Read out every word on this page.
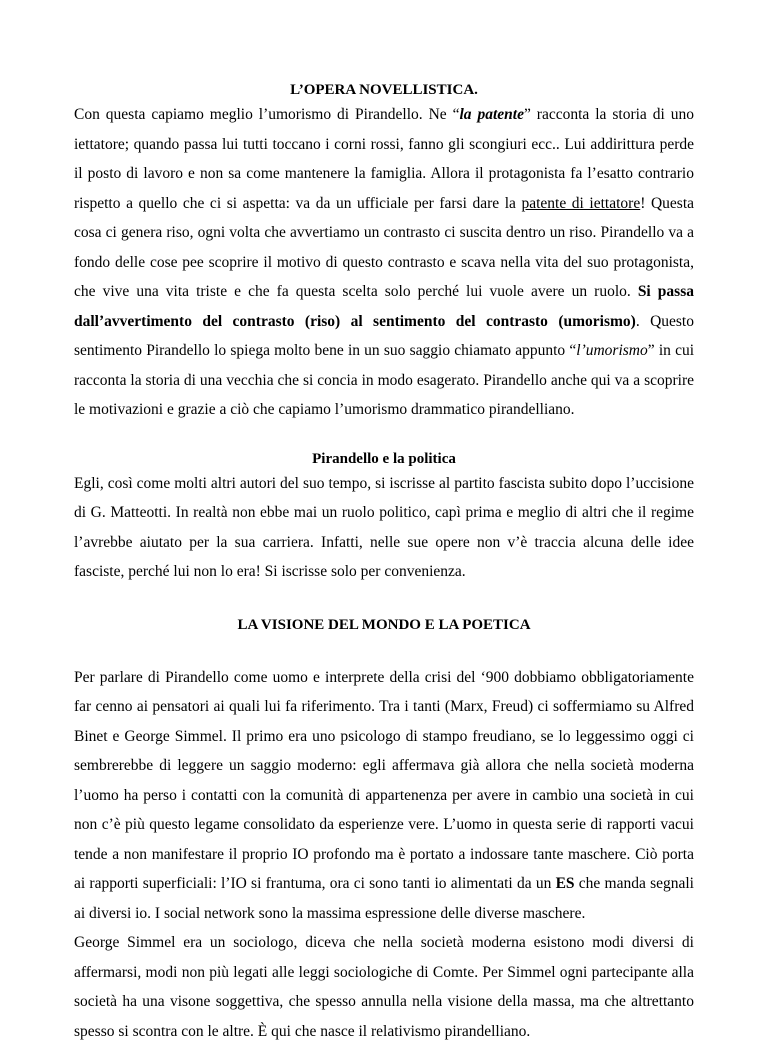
L’OPERA NOVELLISTICA.

Con questa capiamo meglio l’umorismo di Pirandello. Ne “la patente” racconta la storia di uno iettatore; quando passa lui tutti toccano i corni rossi, fanno gli scongiuri ecc.. Lui addirittura perde il posto di lavoro e non sa come mantenere la famiglia. Allora il protagonista fa l’esatto contrario rispetto a quello che ci si aspetta: va da un ufficiale per farsi dare la patente di iettatore! Questa cosa ci genera riso, ogni volta che avvertiamo un contrasto ci suscita dentro un riso. Pirandello va a fondo delle cose pee scoprire il motivo di questo contrasto e scava nella vita del suo protagonista, che vive una vita triste e che fa questa scelta solo perché lui vuole avere un ruolo. Si passa dall’avvertimento del contrasto (riso) al sentimento del contrasto (umorismo). Questo sentimento Pirandello lo spiega molto bene in un suo saggio chiamato appunto “l’umorismo” in cui racconta la storia di una vecchia che si concia in modo esagerato. Pirandello anche qui va a scoprire le motivazioni e grazie a ciò che capiamo l’umorismo drammatico pirandelliano.

Pirandello e la politica

Egli, così come molti altri autori del suo tempo, si iscrisse al partito fascista subito dopo l’uccisione di G. Matteotti. In realtà non ebbe mai un ruolo politico, capì prima e meglio di altri che il regime l’avrebbe aiutato per la sua carriera. Infatti, nelle sue opere non v’è traccia alcuna delle idee fasciste, perché lui non lo era! Si iscrisse solo per convenienza.

LA VISIONE DEL MONDO E LA POETICA

Per parlare di Pirandello come uomo e interprete della crisi del ‘900 dobbiamo obbligatoriamente far cenno ai pensatori ai quali lui fa riferimento. Tra i tanti (Marx, Freud) ci soffermiamo su Alfred Binet e George Simmel. Il primo era uno psicologo di stampo freudiano, se lo leggessimo oggi ci sembrerebbe di leggere un saggio moderno: egli affermava già allora che nella società moderna l’uomo ha perso i contatti con la comunità di appartenenza per avere in cambio una società in cui non c’è più questo legame consolidato da esperienze vere. L’uomo in questa serie di rapporti vacui tende a non manifestare il proprio IO profondo ma è portato a indossare tante maschere. Ciò porta ai rapporti superficiali: l’IO si frantuma, ora ci sono tanti io alimentati da un ES che manda segnali ai diversi io. I social network sono la massima espressione delle diverse maschere.

George Simmel era un sociologo, diceva che nella società moderna esistono modi diversi di affermarsi, modi non più legati alle leggi sociologiche di Comte. Per Simmel ogni partecipante alla società ha una visone soggettiva, che spesso annulla nella visione della massa, ma che altrettanto spesso si scontra con le altre. È qui che nasce il relativismo pirandelliano.
